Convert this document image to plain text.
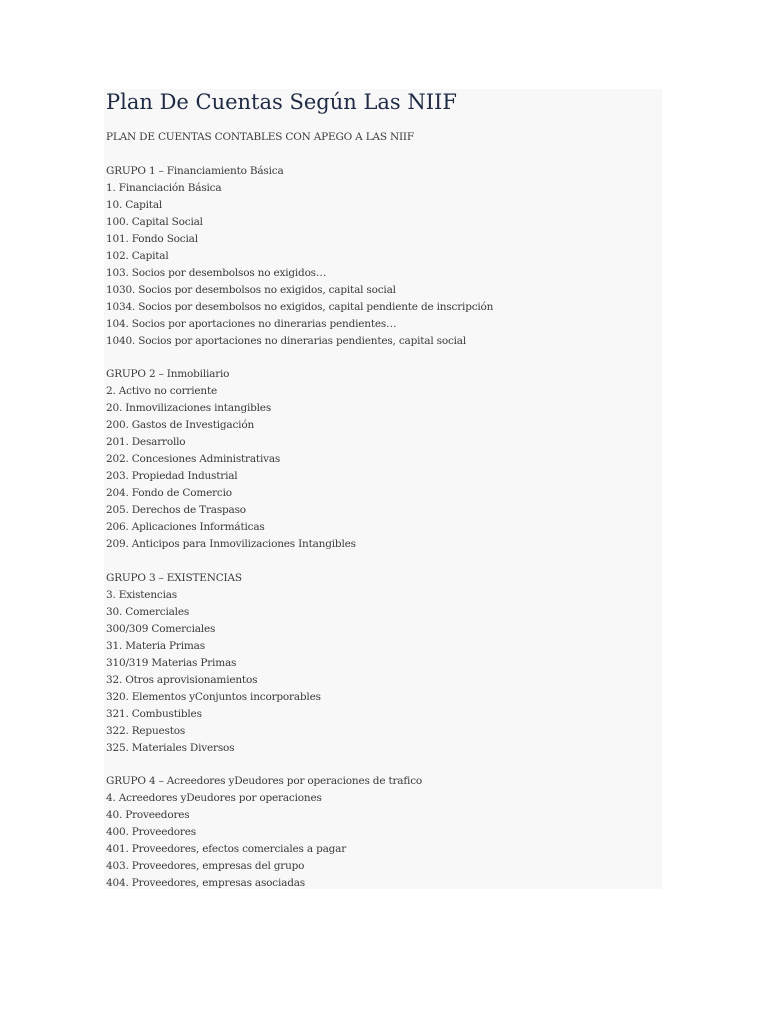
Plan De Cuentas Según Las NIIF

PLAN DE CUENTAS CONTABLES CON APEGO A LAS NIIF

GRUPO 1 – Financiamiento Básica
1. Financiación Básica
10. Capital
100. Capital Social
101. Fondo Social
102. Capital
103. Socios por desembolsos no exigidos…
1030. Socios por desembolsos no exigidos, capital social
1034. Socios por desembolsos no exigidos, capital pendiente de inscripción
104. Socios por aportaciones no dinerarias pendientes…
1040. Socios por aportaciones no dinerarias pendientes, capital social
GRUPO 2 – Inmobiliario
2. Activo no corriente
20. Inmovilizaciones intangibles
200. Gastos de Investigación
201. Desarrollo
202. Concesiones Administrativas
203. Propiedad Industrial
204. Fondo de Comercio
205. Derechos de Traspaso
206. Aplicaciones Informáticas
209. Anticipos para Inmovilizaciones Intangibles
GRUPO 3 – EXISTENCIAS
3. Existencias
30. Comerciales
300/309 Comerciales
31. Materia Primas
310/319 Materias Primas
32. Otros aprovisionamientos
320. Elementos yConjuntos incorporables
321. Combustibles
322. Repuestos
325. Materiales Diversos
GRUPO 4 – Acreedores yDeudores por operaciones de trafico
4. Acreedores yDeudores por operaciones
40. Proveedores
400. Proveedores
401. Proveedores, efectos comerciales a pagar
403. Proveedores, empresas del grupo
404. Proveedores, empresas asociadas
